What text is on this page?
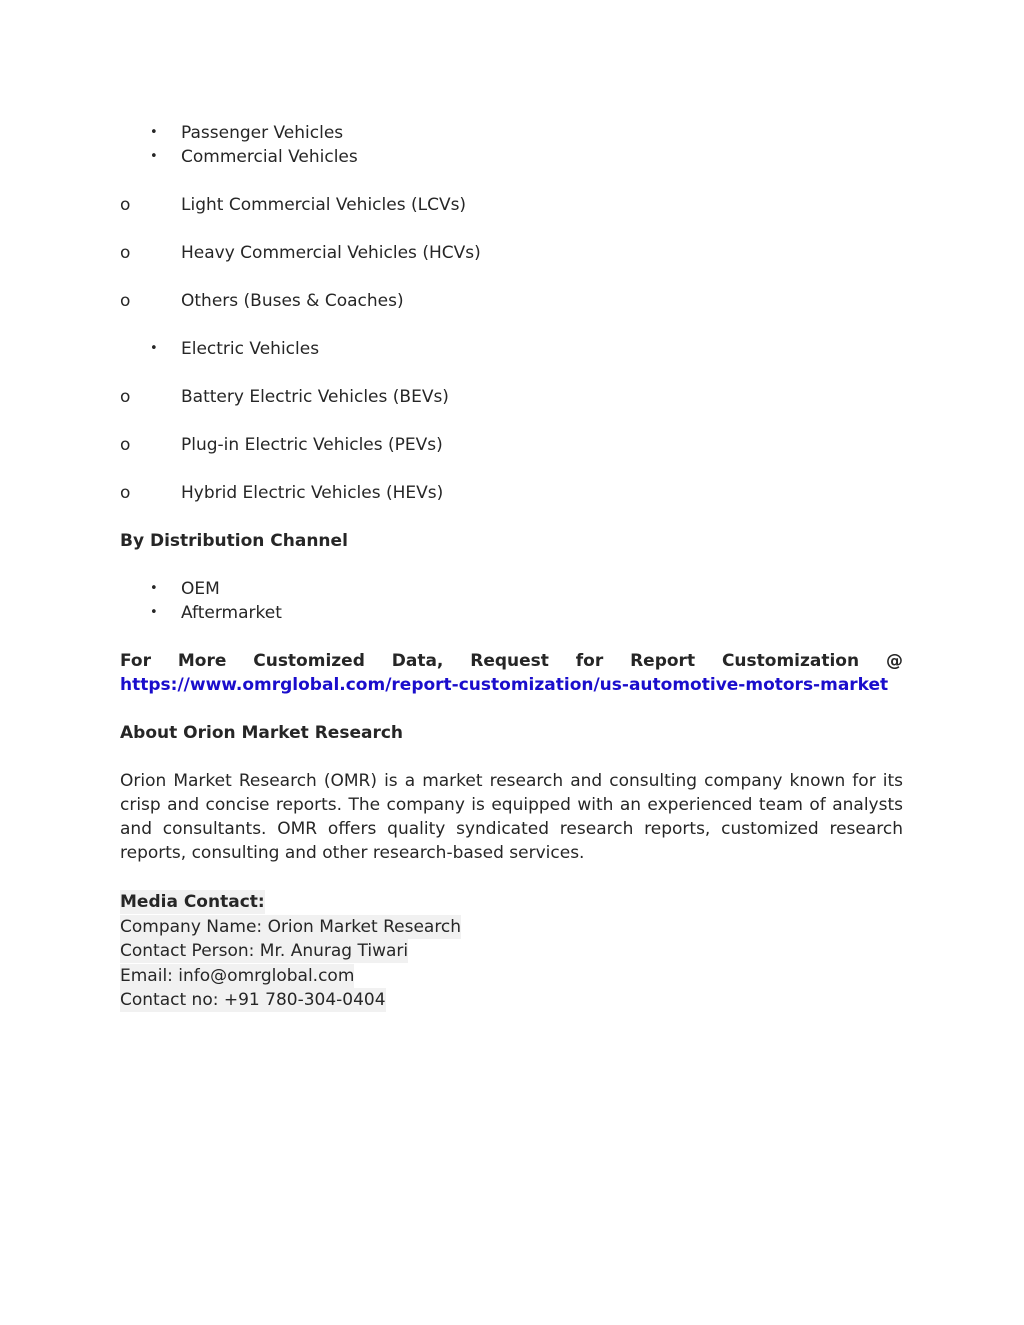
• Passenger Vehicles
• Commercial Vehicles
o	Light Commercial Vehicles (LCVs)
o	Heavy Commercial Vehicles (HCVs)
o	Others (Buses & Coaches)
• Electric Vehicles
o	Battery Electric Vehicles (BEVs)
o	Plug-in Electric Vehicles (PEVs)
o	Hybrid Electric Vehicles (HEVs)
By Distribution Channel
• OEM
• Aftermarket
For More Customized Data, Request for Report Customization @
https://www.omrglobal.com/report-customization/us-automotive-motors-market
About Orion Market Research
Orion Market Research (OMR) is a market research and consulting company known for its crisp and concise reports. The company is equipped with an experienced team of analysts and consultants. OMR offers quality syndicated research reports, customized research reports, consulting and other research-based services.
Media Contact:
Company Name: Orion Market Research
Contact Person: Mr. Anurag Tiwari
Email: info@omrglobal.com
Contact no: +91 780-304-0404
